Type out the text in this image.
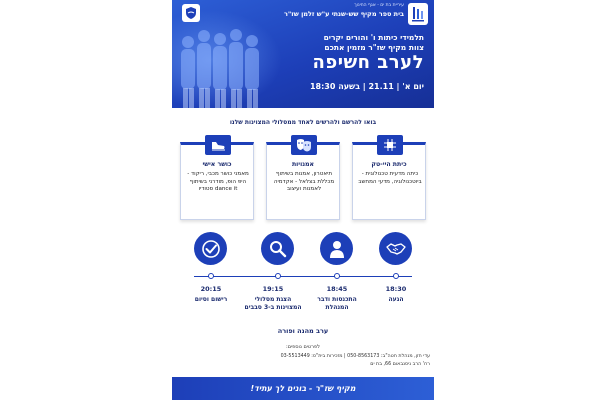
עיריית בת ים - אגף החינוך
בית ספר מקיף שש-שנתי ע"ש זלמן שז"ר
תלמידי כיתות ו' והורים יקרים
צוות מקיף שז"ר מזמין אתכם
לערב חשיפה
יום א' | 21.11 | בשעה 18:30
בואו להרשם ולהרשים לאחד ממסלולי המצוינות שלנו
כיתת היי-טק
כיתה מדעית טכנולוגית - ביוטכנולוגיה, מדעי המחשב
אמנויות
תיאטרון, אמנות בשיתוף מכללת בצלאל - אקדמיה לאמנות ועיצוב
כושר אישי
מאמני כושר מכבי, ריקוד - היפ הופ, מודרני בשיתוף dance it סטודיו
18:30
הגעה
18:45
התכנסות ודבר המנהלת
19:15
הצגת מסלולי המצוינות ב-3 סבבים
20:15
רישום וסיום
ערב מהנה ופורה
לפרטים נוספים:
עדי חזן, מנהלת חטה"ב: 050-8563173 | מזכירות בית"ס: 03-5513449
רח' הרב ניסנבאום 66, בת ים
מקיף שז"ר - בונים לך עתיד!
